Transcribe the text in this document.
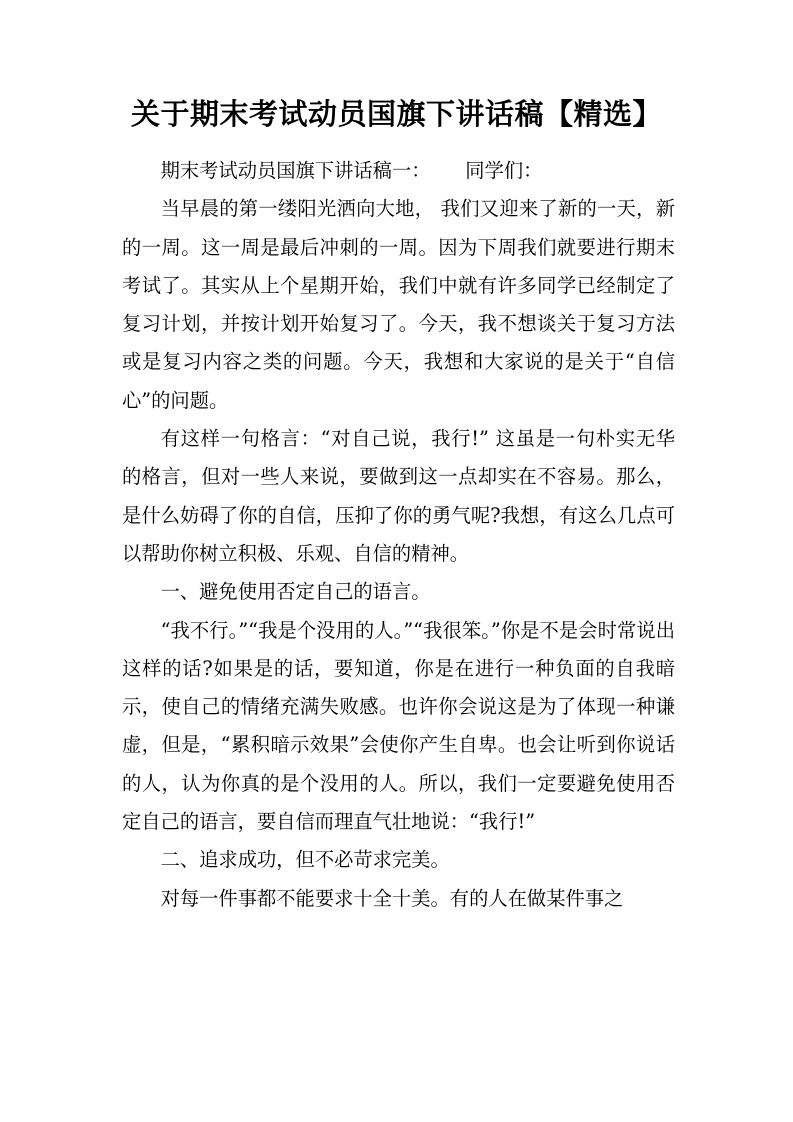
关于期末考试动员国旗下讲话稿【精选】

期末考试动员国旗下讲话稿一： 同学们：

当早晨的第一缕阳光洒向大地， 我们又迎来了新的一天，新的一周。这一周是最后冲刺的一周。因为下周我们就要进行期末考试了。其实从上个星期开始，我们中就有许多同学已经制定了复习计划，并按计划开始复习了。今天，我不想谈关于复习方法或是复习内容之类的问题。今天，我想和大家说的是关于“自信心”的问题。

有这样一句格言：“对自己说，我行!” 这虽是一句朴实无华的格言，但对一些人来说，要做到这一点却实在不容易。那么，是什么妨碍了你的自信，压抑了你的勇气呢?我想，有这么几点可以帮助你树立积极、乐观、自信的精神。

一、避免使用否定自己的语言。

“我不行。”“我是个没用的人。”“我很笨。”你是不是会时常说出这样的话?如果是的话，要知道，你是在进行一种负面的自我暗示，使自己的情绪充满失败感。也许你会说这是为了体现一种谦虚，但是，“累积暗示效果”会使你产生自卑。也会让听到你说话的人，认为你真的是个没用的人。所以，我们一定要避免使用否定自己的语言，要自信而理直气壮地说：“我行!”

二、追求成功，但不必苛求完美。

对每一件事都不能要求十全十美。有的人在做某件事之
